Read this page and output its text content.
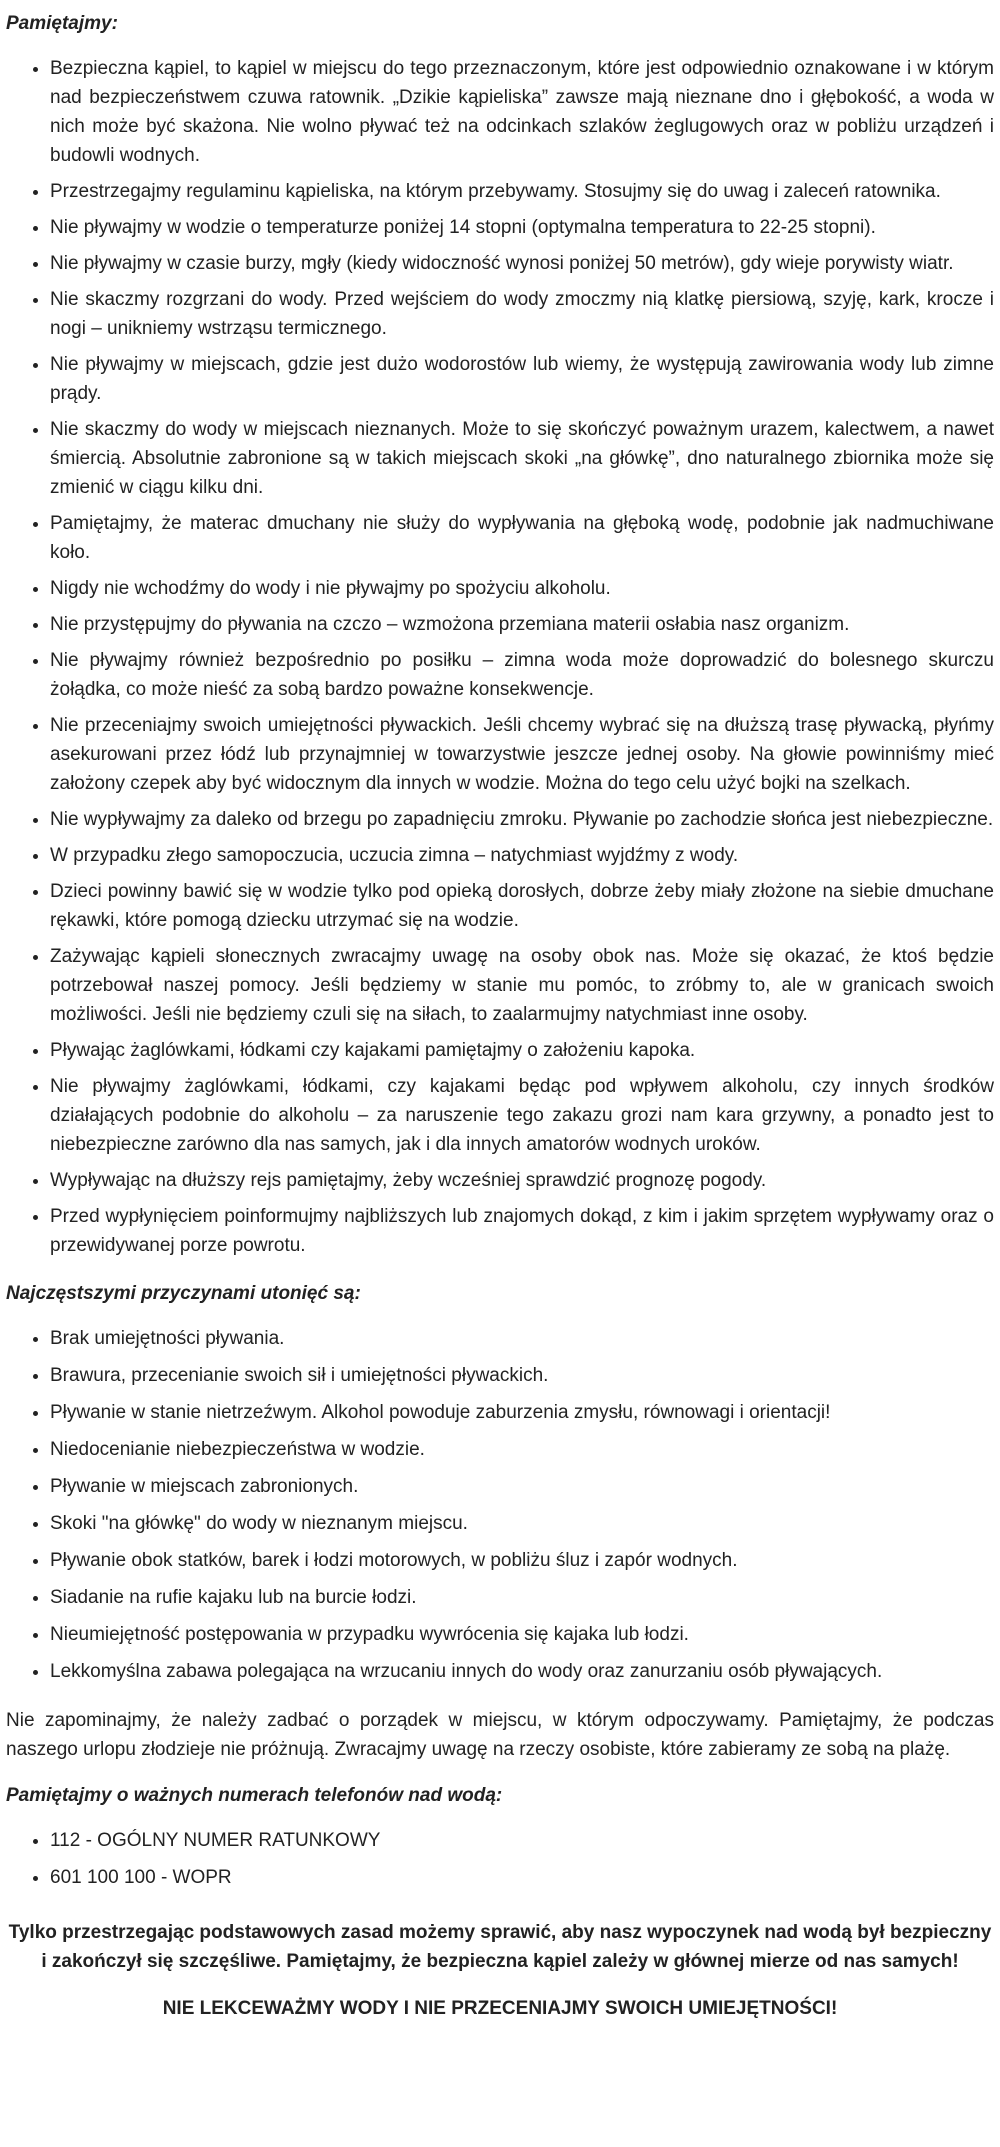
Pamiętajmy:
• Bezpieczna kąpiel, to kąpiel w miejscu do tego przeznaczonym, które jest odpowiednio oznakowane i w którym nad bezpieczeństwem czuwa ratownik. „Dzikie kąpieliska” zawsze mają nieznane dno i głębokość, a woda w nich może być skażona. Nie wolno pływać też na odcinkach szlaków żeglugowych oraz w pobliżu urządzeń i budowli wodnych.
• Przestrzegajmy regulaminu kąpieliska, na którym przebywamy. Stosujmy się do uwag i zaleceń ratownika.
• Nie pływajmy w wodzie o temperaturze poniżej 14 stopni (optymalna temperatura to 22-25 stopni).
• Nie pływajmy w czasie burzy, mgły (kiedy widoczność wynosi poniżej 50 metrów), gdy wieje porywisty wiatr.
• Nie skaczmy rozgrzani do wody. Przed wejściem do wody zmoczmy nią klatkę piersiową, szyję, kark, krocze i nogi – unikniemy wstrząsu termicznego.
• Nie pływajmy w miejscach, gdzie jest dużo wodorostów lub wiemy, że występują zawirowania wody lub zimne prądy.
• Nie skaczmy do wody w miejscach nieznanych. Może to się skończyć poważnym urazem, kalectwem, a nawet śmiercią. Absolutnie zabronione są w takich miejscach skoki „na główkę”, dno naturalnego zbiornika może się zmienić w ciągu kilku dni.
• Pamiętajmy, że materac dmuchany nie służy do wypływania na głęboką wodę, podobnie jak nadmuchiwane koło.
• Nigdy nie wchodźmy do wody i nie pływajmy po spożyciu alkoholu.
• Nie przystępujmy do pływania na czczo – wzmożona przemiana materii osłabia nasz organizm.
• Nie pływajmy również bezpośrednio po posiłku – zimna woda może doprowadzić do bolesnego skurczu żołądka, co może nieść za sobą bardzo poważne konsekwencje.
• Nie przeceniajmy swoich umiejętności pływackich. Jeśli chcemy wybrać się na dłuższą trasę pływacką, płyńmy asekurowani przez łódź lub przynajmniej w towarzystwie jeszcze jednej osoby. Na głowie powinniśmy mieć założony czepek aby być widocznym dla innych w wodzie. Można do tego celu użyć bojki na szelkach.
• Nie wypływajmy za daleko od brzegu po zapadnięciu zmroku. Pływanie po zachodzie słońca jest niebezpieczne.
• W przypadku złego samopoczucia, uczucia zimna – natychmiast wyjdźmy z wody.
• Dzieci powinny bawić się w wodzie tylko pod opieką dorosłych, dobrze żeby miały złożone na siebie dmuchane rękawki, które pomogą dziecku utrzymać się na wodzie.
• Zażywając kąpieli słonecznych zwracajmy uwagę na osoby obok nas. Może się okazać, że ktoś będzie potrzebował naszej pomocy. Jeśli będziemy w stanie mu pomóc, to zróbmy to, ale w granicach swoich możliwości. Jeśli nie będziemy czuli się na siłach, to zaalarmujmy natychmiast inne osoby.
• Pływając żaglówkami, łódkami czy kajakami pamiętajmy o założeniu kapoka.
• Nie pływajmy żaglówkami, łódkami, czy kajakami będąc pod wpływem alkoholu, czy innych środków działających podobnie do alkoholu – za naruszenie tego zakazu grozi nam kara grzywny, a ponadto jest to niebezpieczne zarówno dla nas samych, jak i dla innych amatorów wodnych uroków.
• Wypływając na dłuższy rejs pamiętajmy, żeby wcześniej sprawdzić prognozę pogody.
• Przed wypłynięciem poinformujmy najbliższych lub znajomych dokąd, z kim i jakim sprzętem wypływamy oraz o przewidywanej porze powrotu.
Najczęstszymi przyczynami utonięć są:
• Brak umiejętności pływania.
• Brawura, przecenianie swoich sił i umiejętności pływackich.
• Pływanie w stanie nietrzeźwym. Alkohol powoduje zaburzenia zmysłu, równowagi i orientacji!
• Niedocenianie niebezpieczeństwa w wodzie.
• Pływanie w miejscach zabronionych.
• Skoki "na główkę" do wody w nieznanym miejscu.
• Pływanie obok statków, barek i łodzi motorowych, w pobliżu śluz i zapór wodnych.
• Siadanie na rufie kajaku lub na burcie łodzi.
• Nieumiejętność postępowania w przypadku wywrócenia się kajaka lub łodzi.
• Lekkomyślna zabawa polegająca na wrzucaniu innych do wody oraz zanurzaniu osób pływających.

Nie zapominajmy, że należy zadbać o porządek w miejscu, w którym odpoczywamy. Pamiętajmy, że podczas naszego urlopu złodzieje nie próżnują. Zwracajmy uwagę na rzeczy osobiste, które zabieramy ze sobą na plażę.

Pamiętajmy o ważnych numerach telefonów nad wodą:
• 112 - OGÓLNY NUMER RATUNKOWY
• 601 100 100 - WOPR

Tylko przestrzegając podstawowych zasad możemy sprawić, aby nasz wypoczynek nad wodą był bezpieczny i zakończył się szczęśliwe. Pamiętajmy, że bezpieczna kąpiel zależy w głównej mierze od nas samych!

NIE LEKCEWAŻMY WODY I NIE PRZECENIAJMY SWOICH UMIEJĘTNOŚCI!
